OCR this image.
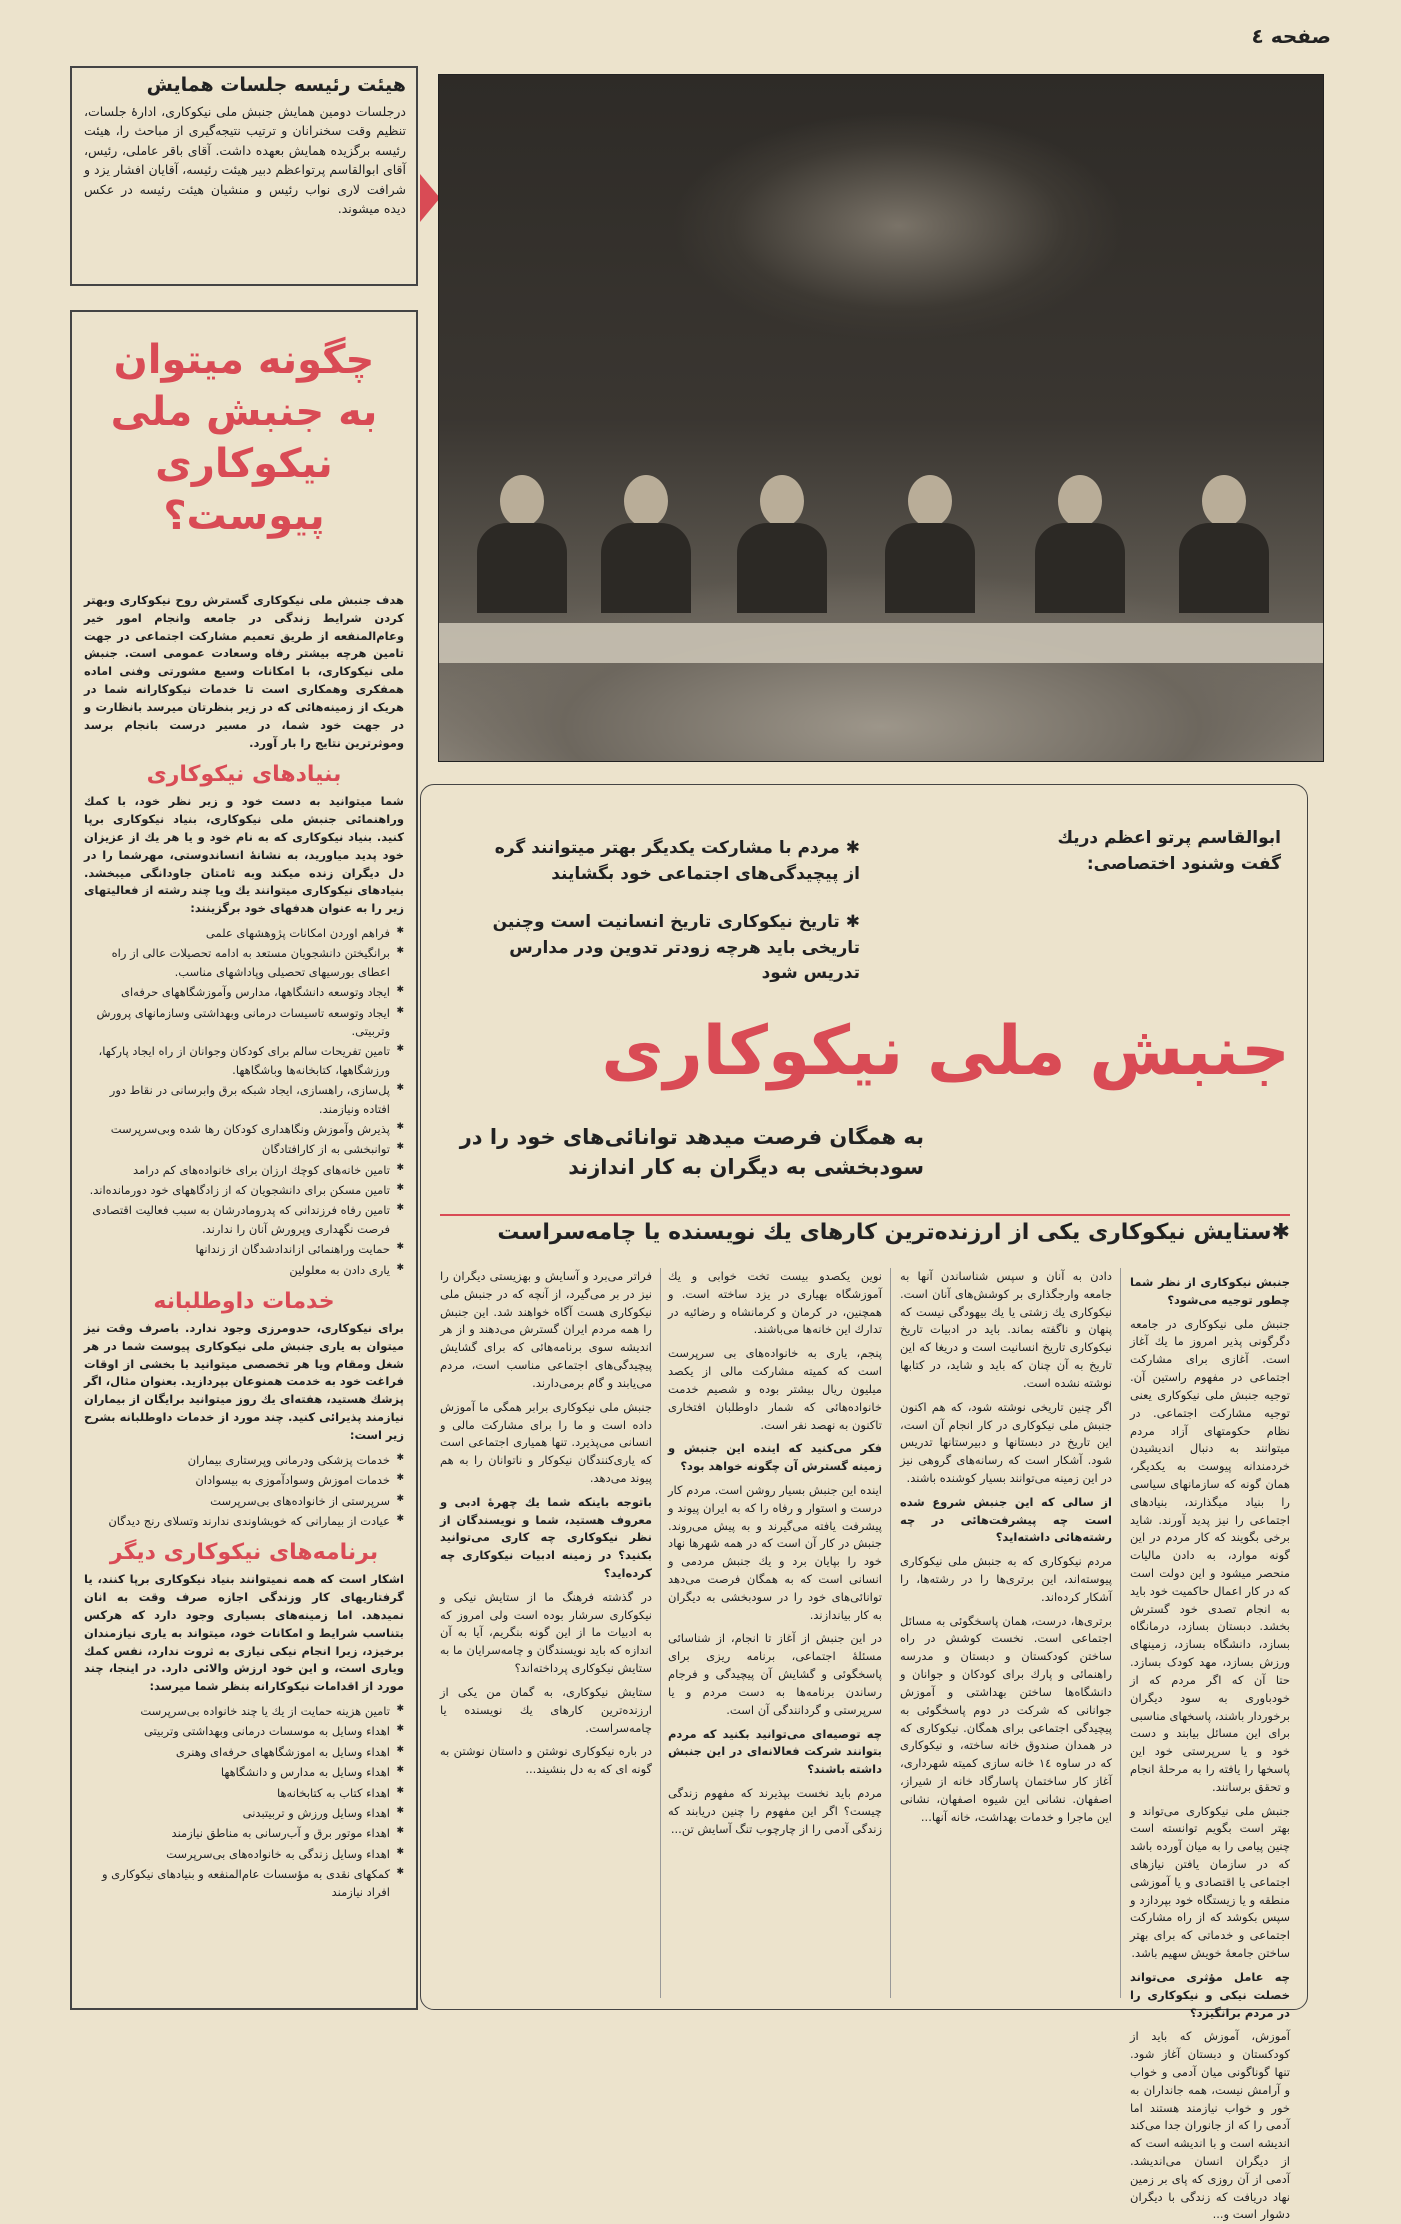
صفحه ٤
هیئت رئیسه جلسات همایش
درجلسات دومین همایش جنبش ملی نیکوکاری، ادارهٔ جلسات، تنظیم وقت سخنرانان و ترتیب نتیجه‌گیری از مباحث را، هیئت رئیسه برگزیده همایش بعهده داشت. آقای باقر عاملی، رئیس، آقای ابوالقاسم پرتواعظم دبیر هیئت رئیسه، آقایان افشار یزد و شرافت لاری نواب رئیس و منشیان هیئت رئیسه در عکس دیده میشوند.
چگونه میتوان به جنبش ملی نیکوکاری پیوست؟
هدف جنبش ملی نیکوکاری گسترش روح نیکوکاری وبهتر کردن شرایط زندگی در جامعه وانجام امور خیر وعام‌المنفعه از طریق تعمیم مشارکت اجتماعی در جهت تامین هرچه بیشتر رفاه وسعادت عمومی است. جنبش ملی نیکوکاری، با امکانات وسیع مشورتی وفنی اماده همفکری وهمکاری است تا خدمات نیکوکارانه شما در هریک از زمینه‌هائی که در زیر بنظرتان میرسد بانظارت و در جهت خود شما، در مسیر درست بانجام برسد وموثرترین نتایج را بار آورد.
بنیادهای نیکوکاری
شما میتوانید به دست خود و زیر نظر خود، با کمك وراهنمائی جنبش ملی نیکوکاری، بنیاد نیکوکاری برپا کنید. بنیاد نیکوکاری که به نام خود و یا هر یك از عزیزان خود پدید میاورید، به نشانهٔ انساندوستی، مهرشما را در دل دیگران زنده میکند وبه ثامتان جاودانگی میبخشد. بنیادهای نیکوکاری میتوانند یك ویا چند رشته از فعالیتهای زیر را به عنوان هدفهای خود برگزینند:
✱ فراهم اوردن امکانات پژوهشهای علمی
✱ برانگیختن دانشجویان مستعد به ادامه تحصیلات عالی از راه اعطای بورسیهای تحصیلی وپاداشهای مناسب.
✱ ایجاد وتوسعه دانشگاهها، مدارس وآموزشگاههای حرفه‌ای
✱ ایجاد وتوسعه تاسیسات درمانی وبهداشتی وسازمانهای پرورش وتربیتی.
✱ تامین تفریحات سالم برای کودکان وجوانان از راه ایجاد پارکها، ورزشگاهها، کتابخانه‌ها وباشگاهها.
✱ پل‌سازی، راهسازی، ایجاد شبکه برق وابرسانی در نقاط دور افتاده ونیازمند.
✱ پذیرش وآموزش ونگاهداری کودکان رها شده وبی‌سرپرست
✱ توانبخشی به از کارافتادگان
✱ تامین خانه‌های کوچك ارزان برای خانواده‌های کم درامد
✱ تامین مسکن برای دانشجویان که از زادگاههای خود دورمانده‌اند.
✱ تامین رفاه فرزندانی که پدرومادرشان به سبب فعالیت اقتصادی فرصت نگهداری وپرورش آنان را ندارند.
✱ حمایت وراهنمائی ازاندادشدگان از زندانها
✱ یاری دادن به معلولین
خدمات داوطلبانه
برای نیکوکاری، حدومرزی وجود ندارد. باصرف وقت نیز میتوان به یاری جنبش ملی نیکوکاری پیوست شما در هر شغل ومقام ویا هر تخصصی میتوانید با بخشی از اوقات فراغت خود به خدمت همنوعان بپردازید. بعنوان مثال، اگر پزشك هستید، هفته‌ای یك روز میتوانید برایگان از بیماران نیازمند پذیرائی کنید. چند مورد از خدمات داوطلبانه بشرح زیر است:
✱ خدمات پزشکی ودرمانی وپرستاری بیماران
✱ خدمات اموزش وسوادآموزی به بیسوادان
✱ سرپرستی از خانواده‌های بی‌سرپرست
✱ عیادت از بیمارانی که خویشاوندی ندارند وتسلای رنج دیدگان
برنامه‌های نیکوکاری دیگر
اشکار است که همه نمیتوانند بنیاد نیکوکاری برپا کنند، یا گرفتاریهای کار وزندگی اجازه صرف وقت به انان نمیدهد. اما زمینه‌های بسیاری وجود دارد که هرکس بتناسب شرایط و امکانات خود، میتواند به یاری نیازمندان برخیزد، زیرا انجام نیکی نیازی به ثروت ندارد، نفس کمك ویاری است، و این خود ارزش والائی دارد. در اینجا، چند مورد از اقدامات نیکوکارانه بنظر شما میرسد:
✱ تامین هزینه حمایت از یك یا چند خانواده بی‌سرپرست
✱ اهداء وسایل به موسسات درمانی وبهداشتی وتربیتی
✱ اهداء وسایل به اموزشگاههای حرفه‌ای وهنری
✱ اهداء وسایل به مدارس و دانشگاهها
✱ اهداء کتاب به کتابخانه‌ها
✱ اهداء وسایل ورزش و تربیتبدنی
✱ اهداء موتور برق و آب‌رسانی به مناطق نیازمند
✱ اهداء وسایل زندگی به خانواده‌های بی‌سرپرست
✱ کمکهای نقدی به مؤسسات عام‌المنفعه و بنیادهای نیکوکاری و افراد نیازمند
ابوالقاسم پرتو اعظم دریك گفت وشنود اختصاصی:
✱ مردم با مشارکت یکدیگر بهتر میتوانند گره از پیچیدگی‌های اجتماعی خود بگشایند
✱ تاریخ نیکوکاری تاریخ انسانیت است وچنین تاریخی باید هرچه زودتر تدوین ودر مدارس تدریس شود
جنبش ملی نیکوکاری
به همگان فرصت میدهد توانائی‌های خود را در سودبخشی به دیگران به کار اندازند
✱ستایش نیکوکاری یکی از ارزنده‌ترین کارهای یك نویسنده یا چامه‌سراست

جنبش نیکوکاری از نظر شما چطور توجیه می‌شود؟

جنبش ملی نیکوکاری در جامعه دگرگونی پذیر امروز ما یك آغاز است. آغازی برای مشارکت اجتماعی در مفهوم راستین آن. توجیه جنبش ملی نیکوکاری یعنی توجیه مشارکت اجتماعی. در نظام حکومتهای آزاد مردم میتوانند به دنبال اندیشیدن خردمندانه پیوست به یکدیگر، همان گونه که سازمانهای سیاسی را بنیاد میگذارند، بنیادهای اجتماعی را نیز پدید آورند. شاید برخی بگویند که کار مردم در این گونه موارد، به دادن مالیات منحصر میشود و این دولت است که در کار اعمال حاکمیت خود باید به انجام تصدی خود گسترش بخشد. دبستان بسازد، درمانگاه بسازد، دانشگاه بسازد، زمینهای ورزش بسازد، مهد کودک بسازد. حتا آن که اگر مردم که از خودباوری به سود دیگران برخوردار باشند، پاسخهای مناسبی برای این مسائل بیابند و دست خود و یا سرپرستی خود این پاسخها را یافته را به مرحلهٔ انجام و تحقق برسانند.

جنبش ملی نیکوکاری می‌تواند و بهتر است بگویم توانسته است چنین پیامی را به میان آورده باشد که در سازمان یافتن نیازهای اجتماعی یا اقتصادی و یا آموزشی منطقه و یا زیستگاه خود بپردازد و سپس بکوشد که از راه مشارکت اجتماعی و خدماتی که برای بهتر ساختن جامعهٔ خویش سهیم باشد.

چه عامل مؤثری می‌تواند خصلت نیکی و نیکوکاری را در مردم برانگیزد؟

آموزش، آموزش که باید از کودکستان و دبستان آغاز شود. تنها گوناگونی میان آدمی و خواب و آرامش نیست، همه جانداران به خور و خواب نیازمند هستند اما آدمی را که از جانوران جدا می‌کند اندیشه است و با اندیشه است که از دیگران انسان می‌اندیشد. آدمی از آن روزی که پای بر زمین نهاد دریافت که زندگی با دیگران دشوار است و...

دادن به آنان و سپس شناساندن آنها به جامعه وارجگذاری بر کوشش‌های آنان است. نیکوکاری یك زشتی یا یك بیهودگی نیست که پنهان و ناگفته بماند. باید در ادبیات تاریخ نیکوکاری تاریخ انسانیت است و دریغا که این تاریخ به آن چنان که باید و شاید، در کتابها نوشته نشده است.

اگر چنین تاریخی نوشته شود، که هم اکنون جنبش ملی نیکوکاری در کار انجام آن است، این تاریخ در دبستانها و دبیرستانها تدریس شود. آشکار است که رسانه‌های گروهی نیز در این زمینه می‌توانند بسیار کوشنده باشند.

از سالی که این جنبش شروع شده است چه پیشرفت‌هائی در چه رشته‌هائی داشته‌اید؟

مردم نیکوکاری که به جنبش ملی نیکوکاری پیوسته‌اند، این برتری‌ها را در رشته‌ها، را آشکار کرده‌اند.

برتری‌ها، درست، همان پاسخگوئی به مسائل اجتماعی است. نخست کوشش در راه ساختن کودکستان و دبستان و مدرسه راهنمائی و پارك برای کودکان و جوانان و دانشگاه‌ها ساختن بهداشتی و آموزش جوانانی که شرکت در دوم پاسخگوئی به پیچیدگی اجتماعی برای همگان. نیکوکاری که در همدان صندوق خانه ساخته، و نیکوکاری که در ساوه ١٤ خانه سازی کمیته شهرداری، آغاز کار ساختمان پاسارگاد خانه از شیراز، اصفهان. نشانی این شیوه اصفهان، نشانی این ماجرا و خدمات بهداشت، خانه آنها...

نوین یکصدو بیست تخت خوابی و یك آموزشگاه بهیاری در یزد ساخته است. و همچنین، در کرمان و کرمانشاه و رضائیه در تدارك این خانه‌ها می‌باشند.

پنجم، یاری به خانواده‌های بی سرپرست است که کمیته مشارکت مالی از یکصد میلیون ریال بیشتر بوده و شصیم خدمت خانواده‌هائی که شمار داوطلبان افتخاری تاکنون به نهصد نفر است.

فکر می‌کنید که اینده این جنبش و زمینه گسترش آن چگونه خواهد بود؟

اینده این جنبش بسیار روشن است. مردم کار درست و استوار و رفاه را که به ایران پیوند و پیشرفت یافته می‌گیرند و به پیش می‌روند. جنبش در کار آن است که در همه شهرها نهاد خود را بپایان برد و یك جنبش مردمی و انسانی است که به همگان فرصت می‌دهد توانائی‌های خود را در سودبخشی به دیگران به کار بیاندازند.

در این جنبش از آغاز تا انجام، از شناسائی مسئلهٔ اجتماعی، برنامه ریزی برای پاسخگوئی و گشایش آن پیچیدگی و فرجام رساندن برنامه‌ها به دست مردم و یا سرپرستی و گردانندگی آن است.

چه توصیه‌ای می‌توانید بکنید که مردم بتوانند شرکت فعالانه‌ای در این جنبش داشته باشند؟

مردم باید نخست بپذیرند که مفهوم زندگی چیست؟ اگر این مفهوم را چنین دریابند که زندگی آدمی را از چارچوب تنگ آسایش تن...

فراتر می‌برد و آسایش و بهزیستی دیگران را نیز در بر می‌گیرد، از آنچه که در جنبش ملی نیکوکاری هست آگاه خواهند شد. این جنبش را همه مردم ایران گسترش می‌دهند و از هر اندیشه سوی برنامه‌هائی که برای گشایش پیچیدگی‌های اجتماعی مناسب است، مردم می‌یابند و گام برمی‌دارند.

جنبش ملی نیکوکاری برابر همگی ما آموزش داده است و ما را برای مشارکت مالی و انسانی می‌پذیرد. تنها همیاری اجتماعی است که یاری‌کنندگان نیکوکار و ناتوانان را به هم پیوند می‌دهد.

باتوجه باینکه شما یك چهرهٔ ادبی و معروف هستید، شما و نویسندگان از نظر نیکوکاری چه کاری می‌توانید بکنید؟ در زمینه ادبیات نیکوکاری چه کرده‌اید؟

در گذشته فرهنگ ما از ستایش نیکی و نیکوکاری سرشار بوده است ولی امروز که به ادبیات ما از این گونه بنگریم، آیا به آن اندازه که باید نویسندگان و چامه‌سرایان ما به ستایش نیکوکاری پرداخته‌اند؟

ستایش نیکوکاری، به گمان من یکی از ارزنده‌ترین کارهای یك نویسنده یا چامه‌سراست.

در باره نیکوکاری نوشتن و داستان نوشتن به گونه ای که به دل بنشیند...
